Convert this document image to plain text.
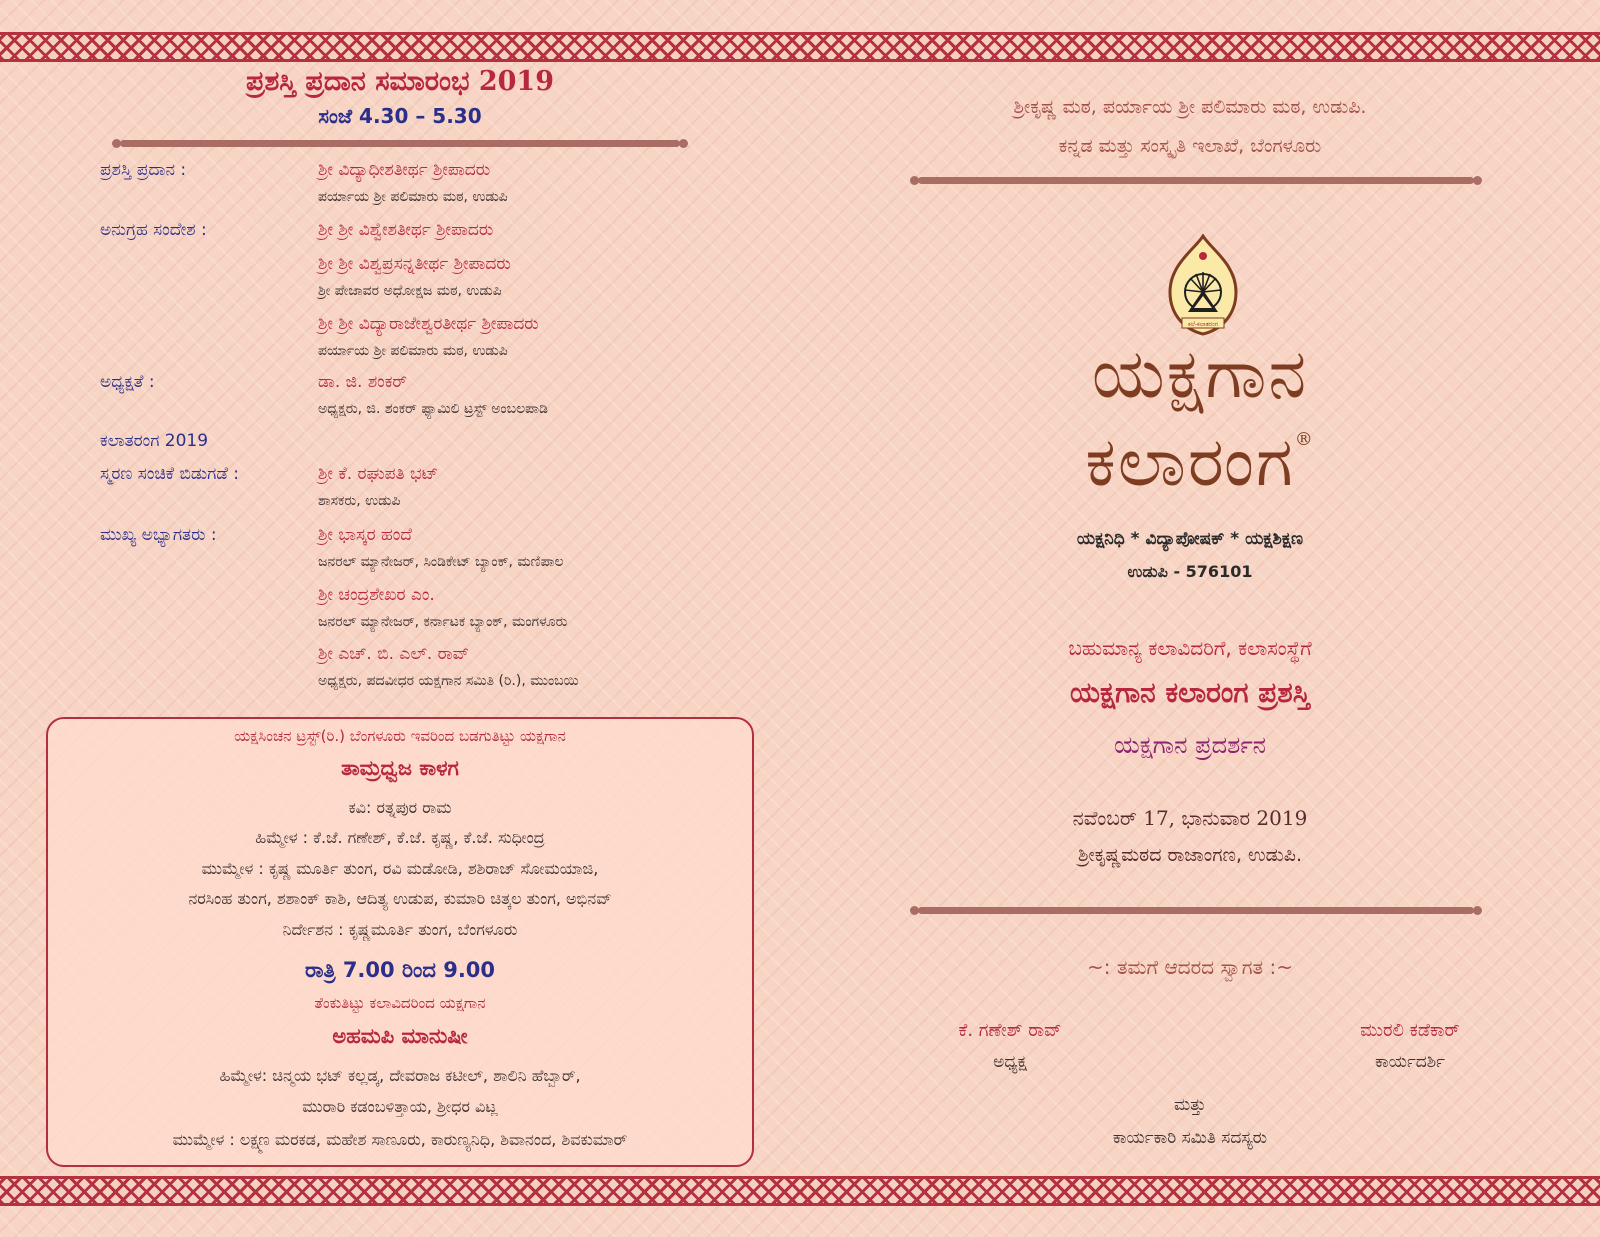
ಪ್ರಶಸ್ತಿ ಪ್ರದಾನ ಸಮಾರಂಭ 2019
ಸಂಜೆ 4.30 – 5.30
ಪ್ರಶಸ್ತಿ ಪ್ರದಾನ :	ಶ್ರೀ ವಿದ್ಯಾಧೀಶತೀರ್ಥ ಶ್ರೀಪಾದರು
ಪರ್ಯಾಯ ಶ್ರೀ ಪಲಿಮಾರು ಮಠ, ಉಡುಪಿ
ಅನುಗ್ರಹ ಸಂದೇಶ :	ಶ್ರೀ ಶ್ರೀ ವಿಶ್ವೇಶತೀರ್ಥ ಶ್ರೀಪಾದರು
ಶ್ರೀ ಶ್ರೀ ವಿಶ್ವಪ್ರಸನ್ನತೀರ್ಥ ಶ್ರೀಪಾದರು
ಶ್ರೀ ಪೇಜಾವರ ಅಧೋಕ್ಷಜ ಮಠ, ಉಡುಪಿ
ಶ್ರೀ ಶ್ರೀ ವಿದ್ಯಾರಾಜೇಶ್ವರತೀರ್ಥ ಶ್ರೀಪಾದರು
ಪರ್ಯಾಯ ಶ್ರೀ ಪಲಿಮಾರು ಮಠ, ಉಡುಪಿ
ಅಧ್ಯಕ್ಷತೆ :	ಡಾ. ಜಿ. ಶಂಕರ್
ಅಧ್ಯಕ್ಷರು, ಜಿ. ಶಂಕರ್ ಫ್ಯಾಮಿಲಿ ಟ್ರಸ್ಟ್ ಅಂಬಲಪಾಡಿ
ಕಲಾತರಂಗ 2019
ಸ್ಮರಣ ಸಂಚಿಕೆ ಬಿಡುಗಡೆ :	ಶ್ರೀ ಕೆ. ರಘುಪತಿ ಭಟ್
ಶಾಸಕರು, ಉಡುಪಿ
ಮುಖ್ಯ ಅಭ್ಯಾಗತರು :	ಶ್ರೀ ಭಾಸ್ಕರ ಹಂದೆ
ಜನರಲ್ ಮ್ಯಾನೇಜರ್, ಸಿಂಡಿಕೇಟ್ ಬ್ಯಾಂಕ್, ಮಣಿಪಾಲ
ಶ್ರೀ ಚಂದ್ರಶೇಖರ ಎಂ.
ಜನರಲ್ ಮ್ಯಾನೇಜರ್, ಕರ್ನಾಟಕ ಬ್ಯಾಂಕ್, ಮಂಗಳೂರು
ಶ್ರೀ ಎಚ್. ಬಿ. ಎಲ್. ರಾವ್
ಅಧ್ಯಕ್ಷರು, ಪದವೀಧರ ಯಕ್ಷಗಾನ ಸಮಿತಿ (ರಿ.), ಮುಂಬಯಿ
ಯಕ್ಷಸಿಂಚನ ಟ್ರಸ್ಟ್(ರಿ.) ಬೆಂಗಳೂರು ಇವರಿಂದ ಬಡಗುತಿಟ್ಟು ಯಕ್ಷಗಾನ
ತಾಮ್ರಧ್ವಜ ಕಾಳಗ
ಕವಿ: ರತ್ನಪುರ ರಾಮ
ಹಿಮ್ಮೇಳ : ಕೆ.ಜೆ. ಗಣೇಶ್, ಕೆ.ಜೆ. ಕೃಷ್ಣ, ಕೆ.ಜೆ. ಸುಧೀಂದ್ರ
ಮುಮ್ಮೇಳ : ಕೃಷ್ಣ ಮೂರ್ತಿ ತುಂಗ, ರವಿ ಮಡೋಡಿ, ಶಶಿರಾಜ್ ಸೋಮಯಾಜಿ,
ನರಸಿಂಹ ತುಂಗ, ಶಶಾಂಕ್ ಕಾಶಿ, ಆದಿತ್ಯ ಉಡುಪ, ಕುಮಾರಿ ಚಿತ್ಕಲ ತುಂಗ, ಅಭಿನವ್
ನಿರ್ದೇಶನ : ಕೃಷ್ಣಮೂರ್ತಿ ತುಂಗ, ಬೆಂಗಳೂರು
ರಾತ್ರಿ 7.00 ರಿಂದ 9.00
ತೆಂಕುತಿಟ್ಟು ಕಲಾವಿದರಿಂದ ಯಕ್ಷಗಾನ
ಅಹಮಪಿ ಮಾನುಷೀ
ಹಿಮ್ಮೇಳ: ಚಿನ್ಮಯ ಭಟ್ ಕಲ್ಲಡ್ಕ, ದೇವರಾಜ ಕಟೀಲ್, ಶಾಲಿನಿ ಹೆಬ್ಬಾರ್,
ಮುರಾರಿ ಕಡಂಬಳಿತ್ತಾಯ, ಶ್ರೀಧರ ವಿಟ್ಲ
ಮುಮ್ಮೇಳ : ಲಕ್ಷ್ಮಣ ಮರಕಡ, ಮಹೇಶ ಸಾಣೂರು, ಕಾರುಣ್ಯನಿಧಿ, ಶಿವಾನಂದ, ಶಿವಕುಮಾರ್
ಶ್ರೀಕೃಷ್ಣ ಮಠ, ಪರ್ಯಾಯ ಶ್ರೀ ಪಲಿಮಾರು ಮಠ, ಉಡುಪಿ.
ಕನ್ನಡ ಮತ್ತು ಸಂಸ್ಕೃತಿ ಇಲಾಖೆ, ಬೆಂಗಳೂರು
ಕಲೆ-ಕಲಾತರಂಗ
ಯಕ್ಷಗಾನ
ಕಲಾರಂಗ®
ಯಕ್ಷನಿಧಿ * ವಿದ್ಯಾಪೋಷಕ್ * ಯಕ್ಷಶಿಕ್ಷಣ
ಉಡುಪಿ - 576101
ಬಹುಮಾನ್ಯ ಕಲಾವಿದರಿಗೆ, ಕಲಾಸಂಸ್ಥೆಗೆ
ಯಕ್ಷಗಾನ ಕಲಾರಂಗ ಪ್ರಶಸ್ತಿ
ಯಕ್ಷಗಾನ ಪ್ರದರ್ಶನ
ನವೆಂಬರ್ 17, ಭಾನುವಾರ 2019
ಶ್ರೀಕೃಷ್ಣಮಠದ ರಾಜಾಂಗಣ, ಉಡುಪಿ.
~: ತಮಗೆ ಆದರದ ಸ್ವಾಗತ :~
ಕೆ. ಗಣೇಶ್ ರಾವ್
ಅಧ್ಯಕ್ಷ
ಮುರಲಿ ಕಡೆಕಾರ್
ಕಾರ್ಯದರ್ಶಿ
ಮತ್ತು
ಕಾರ್ಯಕಾರಿ ಸಮಿತಿ ಸದಸ್ಯರು
